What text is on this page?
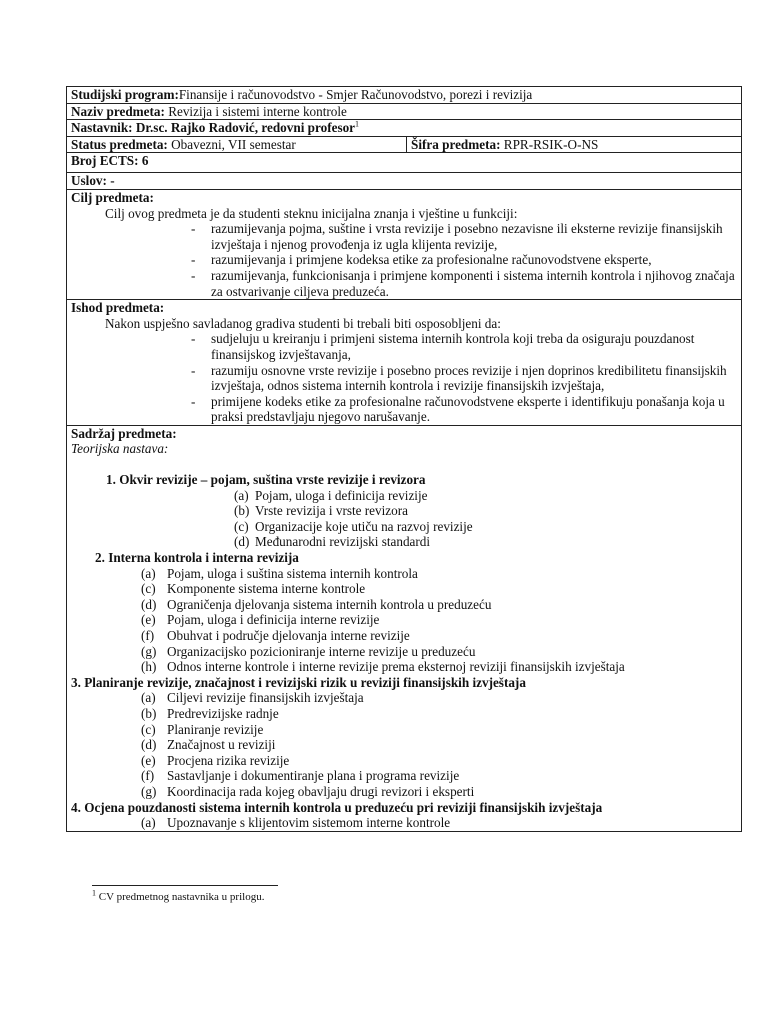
Studijski program:Finansije i računovodstvo - Smjer Računovodstvo, porezi i revizija
Naziv predmeta: Revizija i sistemi interne kontrole
Nastavnik: Dr.sc. Rajko Radović, redovni profesor$^1$
Status predmeta: Obavezni, VII semestar	Šifra predmeta: RPR-RSIK-O-NS
Broj ECTS: 6
Uslov: -
Cilj predmeta:
Cilj ovog predmeta je da studenti steknu inicijalna znanja i vještine u funkciji:
- razumijevanja pojma, suštine i vrsta revizije i posebno nezavisne ili eksterne revizije finansijskih izvještaja i njenog provođenja iz ugla klijenta revizije,
- razumijevanja i primjene kodeksa etike za profesionalne računovodstvene eksperte,
- razumijevanja, funkcionisanja i primjene komponenti i sistema internih kontrola i njihovog značaja za ostvarivanje ciljeva preduzeća.
Ishod predmeta:
Nakon uspješno savladanog gradiva studenti bi trebali biti osposobljeni da:
- sudjeluju u kreiranju i primjeni sistema internih kontrola koji treba da osiguraju pouzdanost finansijskog izvještavanja,
- razumiju osnovne vrste revizije i posebno proces revizije i njen doprinos kredibilitetu finansijskih izvještaja, odnos sistema internih kontrola i revizije finansijskih izvještaja,
- primijene kodeks etike za profesionalne računovodstvene eksperte i identifikuju ponašanja koja u praksi predstavljaju njegovo narušavanje.
Sadržaj predmeta:
Teorijska nastava:
1. Okvir revizije – pojam, suština vrste revizije i revizora
(a) Pojam, uloga i definicija revizije
(b) Vrste revizija i vrste revizora
(c) Organizacije koje utiču na razvoj revizije
(d) Međunarodni revizijski standardi
2. Interna kontrola i interna revizija
(a) Pojam, uloga i suština sistema internih kontrola
(c) Komponente sistema interne kontrole
(d) Ograničenja djelovanja sistema internih kontrola u preduzeću
(e) Pojam, uloga i definicija interne revizije
(f) Obuhvat i područje djelovanja interne revizije
(g) Organizacijsko pozicioniranje interne revizije u preduzeću
(h) Odnos interne kontrole i interne revizije prema eksternoj reviziji finansijskih izvještaja
3. Planiranje revizije, značajnost i revizijski rizik u reviziji finansijskih izvještaja
(a) Ciljevi revizije finansijskih izvještaja
(b) Predrevizijske radnje
(c) Planiranje revizije
(d) Značajnost u reviziji
(e) Procjena rizika revizije
(f) Sastavljanje i dokumentiranje plana i programa revizije
(g) Koordinacija rada kojeg obavljaju drugi revizori i eksperti
4. Ocjena pouzdanosti sistema internih kontrola u preduzeću pri reviziji finansijskih izvještaja
(a) Upoznavanje s klijentovim sistemom interne kontrole
$^1$ CV predmetnog nastavnika u prilogu.
